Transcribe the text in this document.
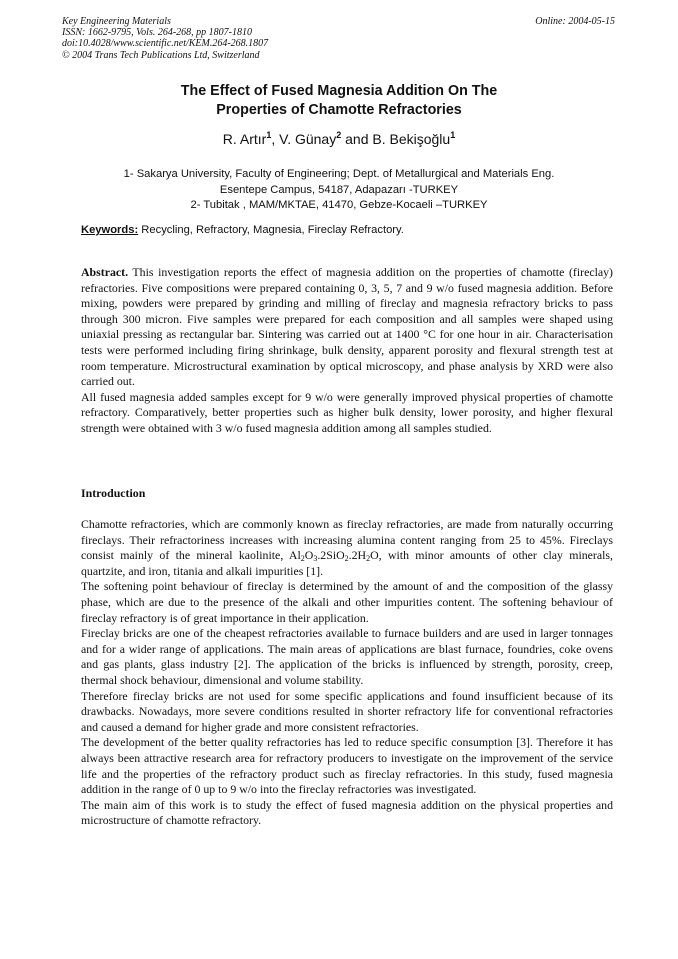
Key Engineering Materials
ISSN: 1662-9795, Vols. 264-268, pp 1807-1810
doi:10.4028/www.scientific.net/KEM.264-268.1807
© 2004 Trans Tech Publications Ltd, Switzerland
Online: 2004-05-15
The Effect of Fused Magnesia Addition On The
Properties of Chamotte Refractories
R. Artır$^1$, V. Günay$^2$ and B. Bekişoğlu$^1$
1- Sakarya University, Faculty of Engineering; Dept. of Metallurgical and Materials Eng.
Esentepe Campus, 54187, Adapazarı -TURKEY
2- Tubitak , MAM/MKTAE, 41470, Gebze-Kocaeli –TURKEY
Keywords: Recycling, Refractory, Magnesia, Fireclay Refractory.

Abstract. This investigation reports the effect of magnesia addition on the properties of chamotte (fireclay) refractories. Five compositions were prepared containing 0, 3, 5, 7 and 9 w/o fused magnesia addition. Before mixing, powders were prepared by grinding and milling of fireclay and magnesia refractory bricks to pass through 300 micron. Five samples were prepared for each composition and all samples were shaped using uniaxial pressing as rectangular bar. Sintering was carried out at 1400 °C for one hour in air. Characterisation tests were performed including firing shrinkage, bulk density, apparent porosity and flexural strength test at room temperature. Microstructural examination by optical microscopy, and phase analysis by XRD were also carried out.

All fused magnesia added samples except for 9 w/o were generally improved physical properties of chamotte refractory. Comparatively, better properties such as higher bulk density, lower porosity, and higher flexural strength were obtained with 3 w/o fused magnesia addition among all samples studied.

Introduction

Chamotte refractories, which are commonly known as fireclay refractories, are made from naturally occurring fireclays. Their refractoriness increases with increasing alumina content ranging from 25 to 45%. Fireclays consist mainly of the mineral kaolinite, $Al_2O_3.2SiO_2.2H_2O$, with minor amounts of other clay minerals, quartzite, and iron, titania and alkali impurities [1].

The softening point behaviour of fireclay is determined by the amount of and the composition of the glassy phase, which are due to the presence of the alkali and other impurities content. The softening behaviour of fireclay refractory is of great importance in their application.

Fireclay bricks are one of the cheapest refractories available to furnace builders and are used in larger tonnages and for a wider range of applications. The main areas of applications are blast furnace, foundries, coke ovens and gas plants, glass industry [2]. The application of the bricks is influenced by strength, porosity, creep, thermal shock behaviour, dimensional and volume stability.

Therefore fireclay bricks are not used for some specific applications and found insufficient because of its drawbacks. Nowadays, more severe conditions resulted in shorter refractory life for conventional refractories and caused a demand for higher grade and more consistent refractories.

The development of the better quality refractories has led to reduce specific consumption [3]. Therefore it has always been attractive research area for refractory producers to investigate on the improvement of the service life and the properties of the refractory product such as fireclay refractories. In this study, fused magnesia addition in the range of 0 up to 9 w/o into the fireclay refractories was investigated.

The main aim of this work is to study the effect of fused magnesia addition on the physical properties and microstructure of chamotte refractory.
